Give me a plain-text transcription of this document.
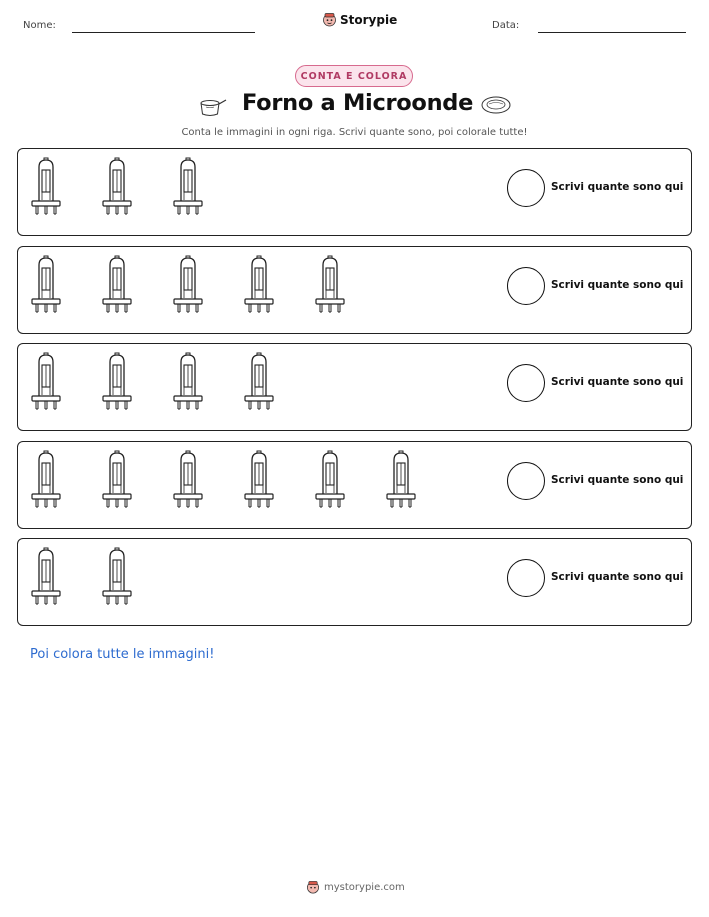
Nome:	Storypie	Data:
CONTA E COLORA
Forno a Microonde
Conta le immagini in ogni riga. Scrivi quante sono, poi colorale tutte!
Scrivi quante sono qui
Scrivi quante sono qui
Scrivi quante sono qui
Scrivi quante sono qui
Scrivi quante sono qui
Poi colora tutte le immagini!
mystorypie.com
